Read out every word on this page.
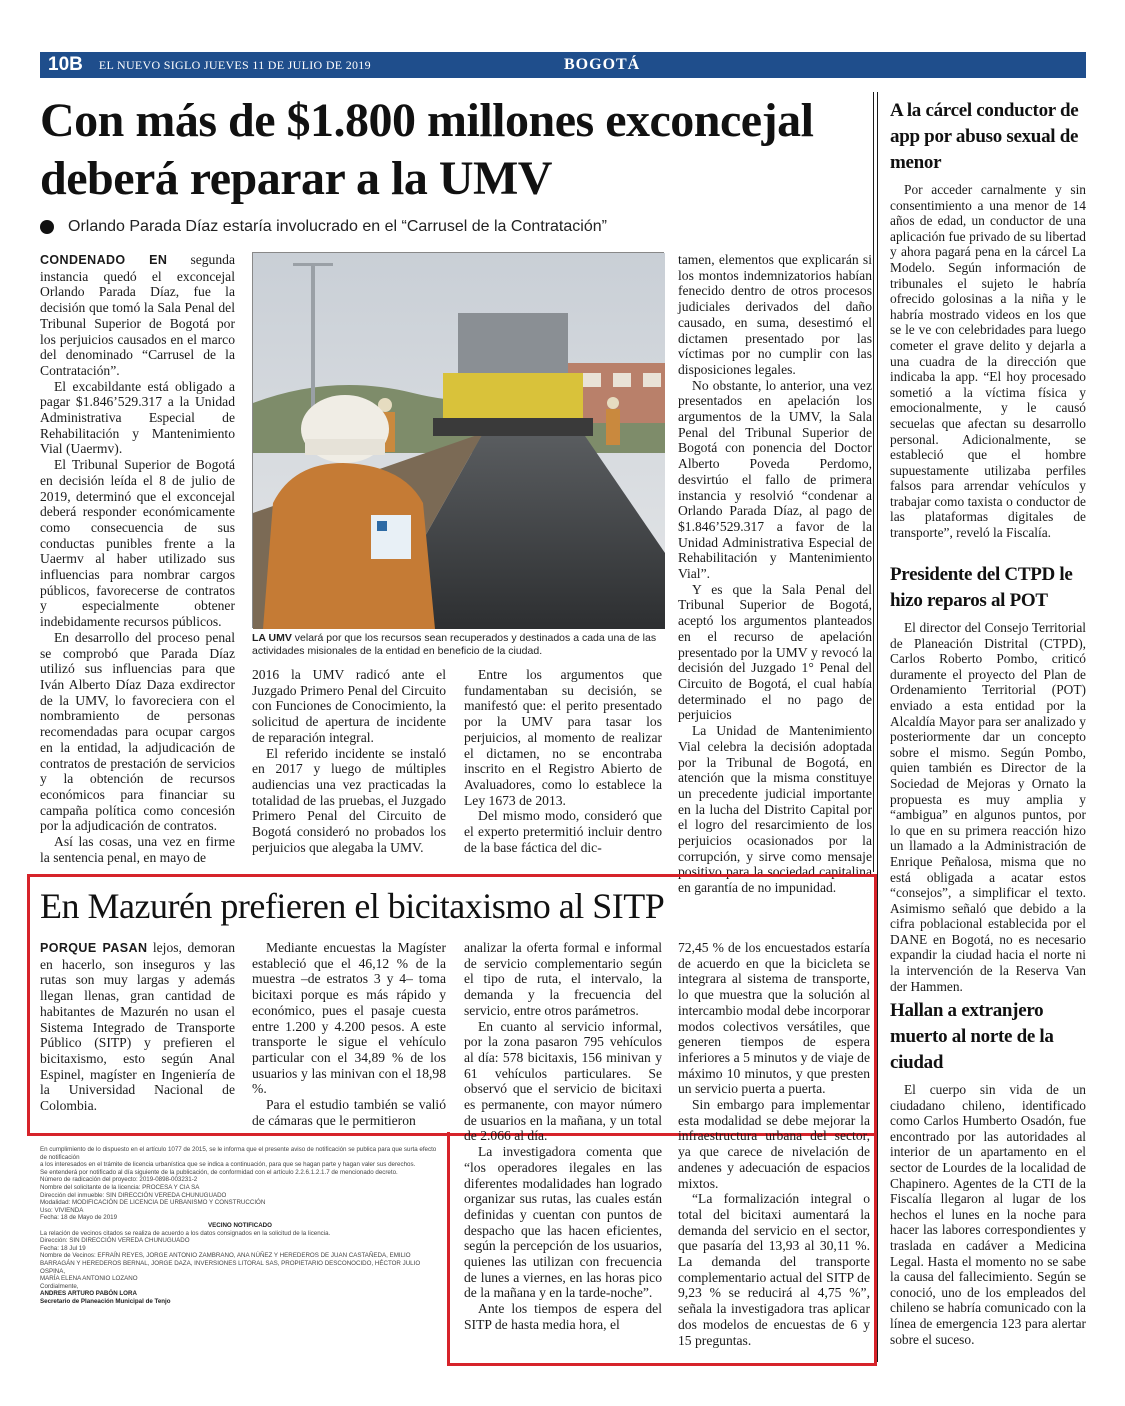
10B	EL NUEVO SIGLO JUEVES 11 DE JULIO DE 2019	BOGOTÁ
Con más de $1.800 millones exconcejal deberá reparar a la UMV
Orlando Parada Díaz estaría involucrado en el “Carrusel de la Contratación”

CONDENADO EN segunda instancia quedó el exconcejal Orlando Parada Díaz, fue la decisión que tomó la Sala Penal del Tribunal Superior de Bogotá por los perjuicios causados en el marco del denominado “Carrusel de la Contratación”.

El excabildante está obligado a pagar $1.846’529.317 a la Unidad Administrativa Especial de Rehabilitación y Mantenimiento Vial (Uaermv).

El Tribunal Superior de Bogotá en decisión leída el 8 de julio de 2019, determinó que el exconcejal deberá responder económicamente como consecuencia de sus conductas punibles frente a la Uaermv al haber utilizado sus influencias para nombrar cargos públicos, favorecerse de contratos y especialmente obtener indebidamente recursos públicos.

En desarrollo del proceso penal se comprobó que Parada Díaz utilizó sus influencias para que Iván Alberto Díaz Daza exdirector de la UMV, lo favoreciera con el nombramiento de personas recomendadas para ocupar cargos en la entidad, la adjudicación de contratos de prestación de servicios y la obtención de recursos económicos para financiar su campaña política como concesión por la adjudicación de contratos.

Así las cosas, una vez en firme la sentencia penal, en mayo de

LA UMV velará por que los recursos sean recuperados y destinados a cada una de las actividades misionales de la entidad en beneficio de la ciudad.

2016 la UMV radicó ante el Juzgado Primero Penal del Circuito con Funciones de Conocimiento, la solicitud de apertura de incidente de reparación integral.

El referido incidente se instaló en 2017 y luego de múltiples audiencias una vez practicadas la totalidad de las pruebas, el Juzgado Primero Penal del Circuito de Bogotá consideró no probados los perjuicios que alegaba la UMV.

Entre los argumentos que fundamentaban su decisión, se manifestó que: el perito presentado por la UMV para tasar los perjuicios, al momento de realizar el dictamen, no se encontraba inscrito en el Registro Abierto de Avaluadores, como lo establece la Ley 1673 de 2013.

Del mismo modo, consideró que el experto pretermitió incluir dentro de la base fáctica del dic-

tamen, elementos que explicarán si los montos indemnizatorios habían fenecido dentro de otros procesos judiciales derivados del daño causado, en suma, desestimó el dictamen presentado por las víctimas por no cumplir con las disposiciones legales.

No obstante, lo anterior, una vez presentados en apelación los argumentos de la UMV, la Sala Penal del Tribunal Superior de Bogotá con ponencia del Doctor Alberto Poveda Perdomo, desvirtúo el fallo de primera instancia y resolvió “condenar a Orlando Parada Díaz, al pago de $1.846’529.317 a favor de la Unidad Administrativa Especial de Rehabilitación y Mantenimiento Vial”.

Y es que la Sala Penal del Tribunal Superior de Bogotá, aceptó los argumentos planteados en el recurso de apelación presentado por la UMV y revocó la decisión del Juzgado 1° Penal del Circuito de Bogotá, el cual había determinado el no pago de perjuicios

La Unidad de Mantenimiento Vial celebra la decisión adoptada por la Tribunal de Bogotá, en atención que la misma constituye un precedente judicial importante en la lucha del Distrito Capital por el logro del resarcimiento de los perjuicios ocasionados por la corrupción, y sirve como mensaje positivo para la sociedad capitalina en garantía de no impunidad.

A la cárcel conductor de app por abuso sexual de menor

Por acceder carnalmente y sin consentimiento a una menor de 14 años de edad, un conductor de una aplicación fue privado de su libertad y ahora pagará pena en la cárcel La Modelo. Según información de tribunales el sujeto le habría ofrecido golosinas a la niña y le habría mostrado videos en los que se le ve con celebridades para luego cometer el grave delito y dejarla a una cuadra de la dirección que indicaba la app. “El hoy procesado sometió a la víctima física y emocionalmente, y le causó secuelas que afectan su desarrollo personal. Adicionalmente, se estableció que el hombre supuestamente utilizaba perfiles falsos para arrendar vehículos y trabajar como taxista o conductor de las plataformas digitales de transporte”, reveló la Fiscalía.

Presidente del CTPD le hizo reparos al POT

El director del Consejo Territorial de Planeación Distrital (CTPD), Carlos Roberto Pombo, criticó duramente el proyecto del Plan de Ordenamiento Territorial (POT) enviado a esta entidad por la Alcaldía Mayor para ser analizado y posteriormente dar un concepto sobre el mismo. Según Pombo, quien también es Director de la Sociedad de Mejoras y Ornato la propuesta es muy amplia y “ambigua” en algunos puntos, por lo que en su primera reacción hizo un llamado a la Administración de Enrique Peñalosa, misma que no está obligada a acatar estos “consejos”, a simplificar el texto. Asimismo señaló que debido a la cifra poblacional establecida por el DANE en Bogotá, no es necesario expandir la ciudad hacia el norte ni la intervención de la Reserva Van der Hammen.

Hallan a extranjero muerto al norte de la ciudad

El cuerpo sin vida de un ciudadano chileno, identificado como Carlos Humberto Osadón, fue encontrado por las autoridades al interior de un apartamento en el sector de Lourdes de la localidad de Chapinero. Agentes de la CTI de la Fiscalía llegaron al lugar de los hechos el lunes en la noche para hacer las labores correspondientes y traslada en cadáver a Medicina Legal. Hasta el momento no se sabe la causa del fallecimiento. Según se conoció, uno de los empleados del chileno se habría comunicado con la línea de emergencia 123 para alertar sobre el suceso.

En Mazurén prefieren el bicitaxismo al SITP

PORQUE PASAN lejos, demoran en hacerlo, son inseguros y las rutas son muy largas y además llegan llenas, gran cantidad de habitantes de Mazurén no usan el Sistema Integrado de Transporte Público (SITP) y prefieren el bicitaxismo, esto según Anal Espinel, magíster en Ingeniería de la Universidad Nacional de Colombia.

Mediante encuestas la Magíster estableció que el 46,12 % de la muestra –de estratos 3 y 4– toma bicitaxi porque es más rápido y económico, pues el pasaje cuesta entre 1.200 y 4.200 pesos. A este transporte le sigue el vehículo particular con el 34,89 % de los usuarios y las minivan con el 18,98 %.

Para el estudio también se valió de cámaras que le permitieron

analizar la oferta formal e informal de servicio complementario según el tipo de ruta, el intervalo, la demanda y la frecuencia del servicio, entre otros parámetros.

En cuanto al servicio informal, por la zona pasaron 795 vehículos al día: 578 bicitaxis, 156 minivan y 61 vehículos particulares. Se observó que el servicio de bicitaxi es permanente, con mayor número de usuarios en la mañana, y un total de 2.066 al día.

La investigadora comenta que “los operadores ilegales en las diferentes modalidades han logrado organizar sus rutas, las cuales están definidas y cuentan con puntos de despacho que las hacen eficientes, según la percepción de los usuarios, quienes las utilizan con frecuencia de lunes a viernes, en las horas pico de la mañana y en la tarde-noche”.

Ante los tiempos de espera del SITP de hasta media hora, el

72,45 % de los encuestados estaría de acuerdo en que la bicicleta se integrara al sistema de transporte, lo que muestra que la solución al intercambio modal debe incorporar modos colectivos versátiles, que generen tiempos de espera inferiores a 5 minutos y de viaje de máximo 10 minutos, y que presten un servicio puerta a puerta.

Sin embargo para implementar esta modalidad se debe mejorar la infraestructura urbana del sector, ya que carece de nivelación de andenes y adecuación de espacios mixtos.

“La formalización integral o total del bicitaxi aumentará la demanda del servicio en el sector, que pasaría del 13,93 al 30,11 %. La demanda del transporte complementario actual del SITP de 9,23 % se reducirá al 4,75 %”, señala la investigadora tras aplicar dos modelos de encuestas de 6 y 15 preguntas.

En cumplimiento de lo dispuesto en el artículo 1077 de 2015, se le informa que el presente aviso de notificación se publica para que surta efecto de notificación
a los interesados en el trámite de licencia urbanística que se indica a continuación, para que se hagan parte y hagan valer sus derechos.
Se entenderá por notificado al día siguiente de la publicación, de conformidad con el artículo 2.2.6.1.2.1.7 de mencionado decreto.
Número de radicación del proyecto: 2019-0898-003231-2
Nombre del solicitante de la licencia: PROCESA Y CIA SA
Dirección del inmueble: SIN DIRECCIÓN VEREDA CHUNUGUADO
Modalidad: MODIFICACIÓN DE LICENCIA DE URBANISMO Y CONSTRUCCIÓN
Uso: VIVIENDA
Fecha: 18 de Mayo de 2019
VECINO NOTIFICADO
La relación de vecinos citados se realiza de acuerdo a los datos consignados en la solicitud de la licencia.
Dirección: SIN DIRECCIÓN VEREDA CHUNUGUADO
Fecha: 18 Jul 19
Nombre de Vecinos: EFRAÍN REYES, JORGE ANTONIO ZAMBRANO, ANA NÚÑEZ Y HEREDEROS DE JUAN CASTAÑEDA, EMILIO
BARRAGÁN Y HEREDEROS BERNAL, JORGE DAZA, INVERSIONES LITORAL SAS, PROPIETARIO DESCONOCIDO, HÉCTOR JULIO OSPINA,
MARÍA ELENA ANTONIO LOZANO
Cordialmente,
ANDRES ARTURO PABÓN LORA
Secretario de Planeación Municipal de Tenjo
